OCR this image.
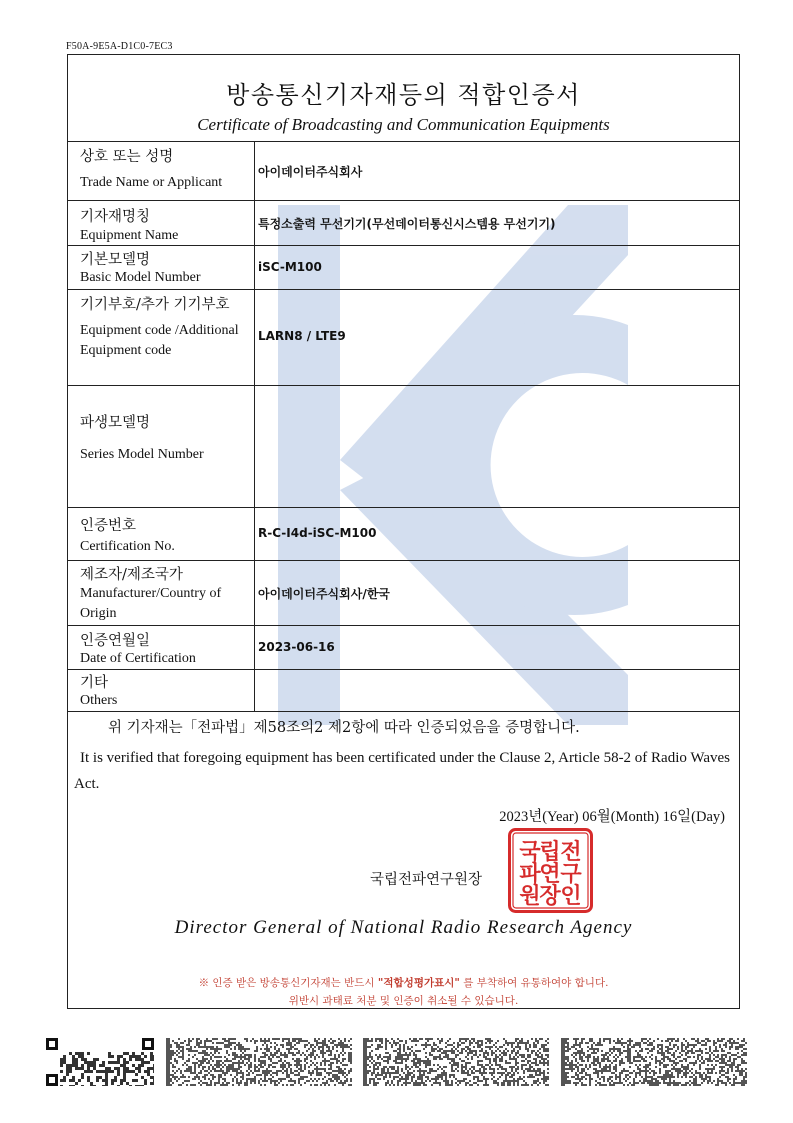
F50A-9E5A-D1C0-7EC3
방송통신기자재등의 적합인증서
Certificate of Broadcasting and Communication Equipments
상호 또는 성명
Trade Name or Applicant
아이데이터주식회사
기자재명칭
Equipment Name
특정소출력 무선기기(무선데이터통신시스템용 무선기기)
기본모델명
Basic Model Number
iSC-M100
기기부호/추가 기기부호
Equipment code /Additional Equipment code
LARN8 / LTE9
파생모델명
Series Model Number
인증번호
Certification No.
R-C-I4d-iSC-M100
제조자/제조국가
Manufacturer/Country of Origin
아이데이터주식회사/한국
인증연월일
Date of Certification
2023-06-16
기타
Others
위 기자재는「전파법」제58조의2 제2항에 따라 인증되었음을 증명합니다.
It is verified that foregoing equipment has been certificated under the Clause 2, Article 58-2 of Radio Waves Act.
2023년(Year) 06월(Month) 16일(Day)
국립전파연구원장
국
립 전
파
연 구
원
장 인
Director General of National Radio Research Agency
※ 인증 받은 방송통신기자재는 반드시 "적합성평가표시" 를 부착하여 유통하여야 합니다.
위반시 과태료 처분 및 인증이 취소될 수 있습니다.
